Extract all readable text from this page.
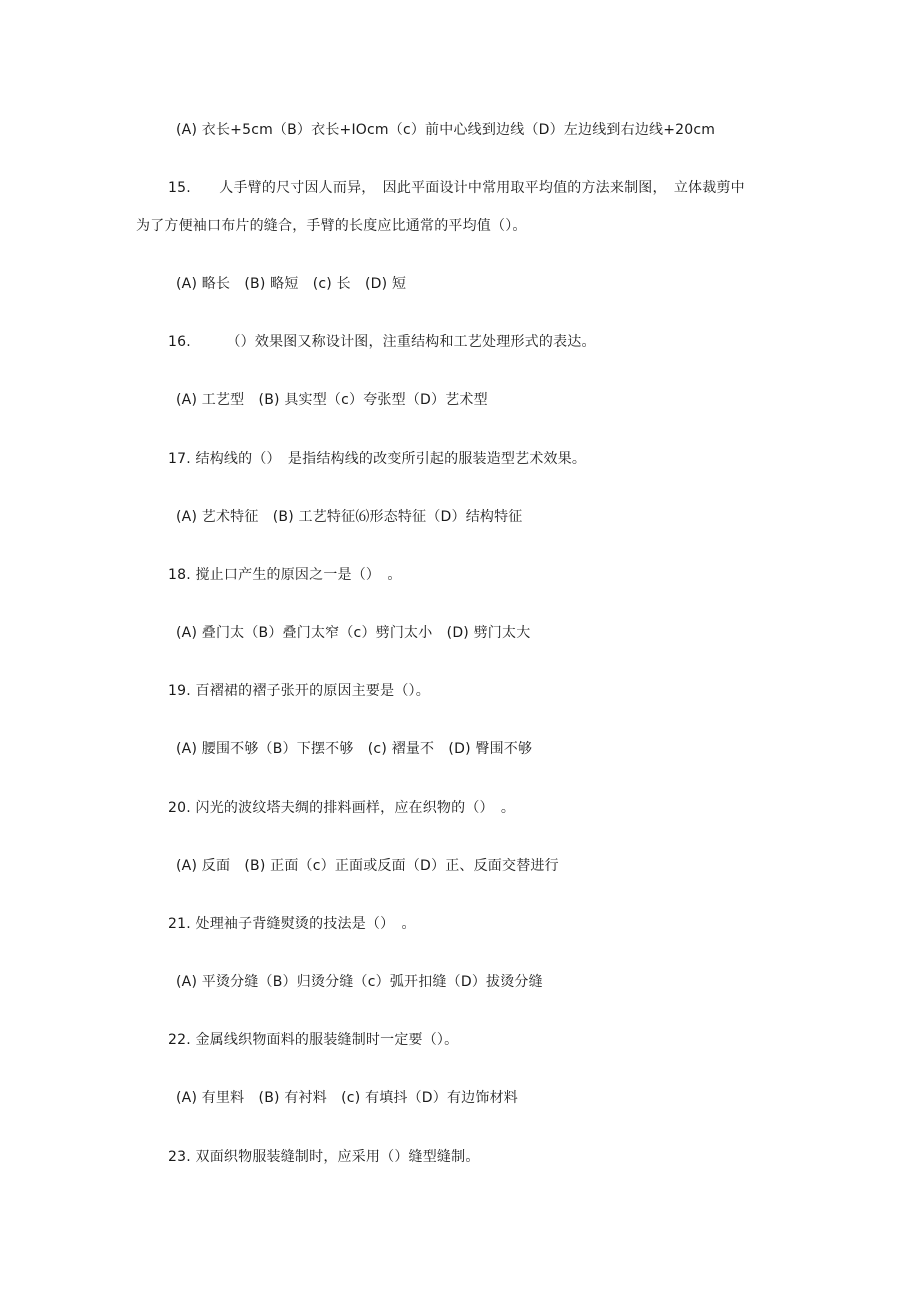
(A) 衣长+5cm（B）衣长+IOcm（c）前中心线到边线（D）左边线到右边线+20cm
15.　　人手臂的尺寸因人而异，　因此平面设计中常用取平均值的方法来制图，　立体裁剪中
为了方便袖口布片的缝合，手臂的长度应比通常的平均值（）。
(A) 略长　(B) 略短　(c) 长　(D) 短
16.　　　（）效果图又称设计图，注重结构和工艺处理形式的表达。
(A) 工艺型　(B) 具实型（c）夸张型（D）艺术型
17. 结构线的（）　是指结构线的改变所引起的服装造型艺术效果。
(A) 艺术特征　(B) 工艺特征⑹形态特征（D）结构特征
18. 搅止口产生的原因之一是（）　。
(A) 叠门太（B）叠门太窄（c）劈门太小　(D) 劈门太大
19. 百褶裙的褶子张开的原因主要是（）。
(A) 腰围不够（B）下摆不够　(c) 褶量不　(D) 臀围不够
20. 闪光的波纹塔夫绸的排料画样，应在织物的（）　。
(A) 反面　(B) 正面（c）正面或反面（D）正、反面交替进行
21. 处理袖子背缝熨烫的技法是（）　。
(A) 平烫分缝（B）归烫分缝（c）弧开扣缝（D）拔烫分缝
22. 金属线织物面料的服装缝制时一定要（）。
(A) 有里料　(B) 有衬料　(c) 有填抖（D）有边饰材料
23. 双面织物服装缝制时，应采用（）缝型缝制。
